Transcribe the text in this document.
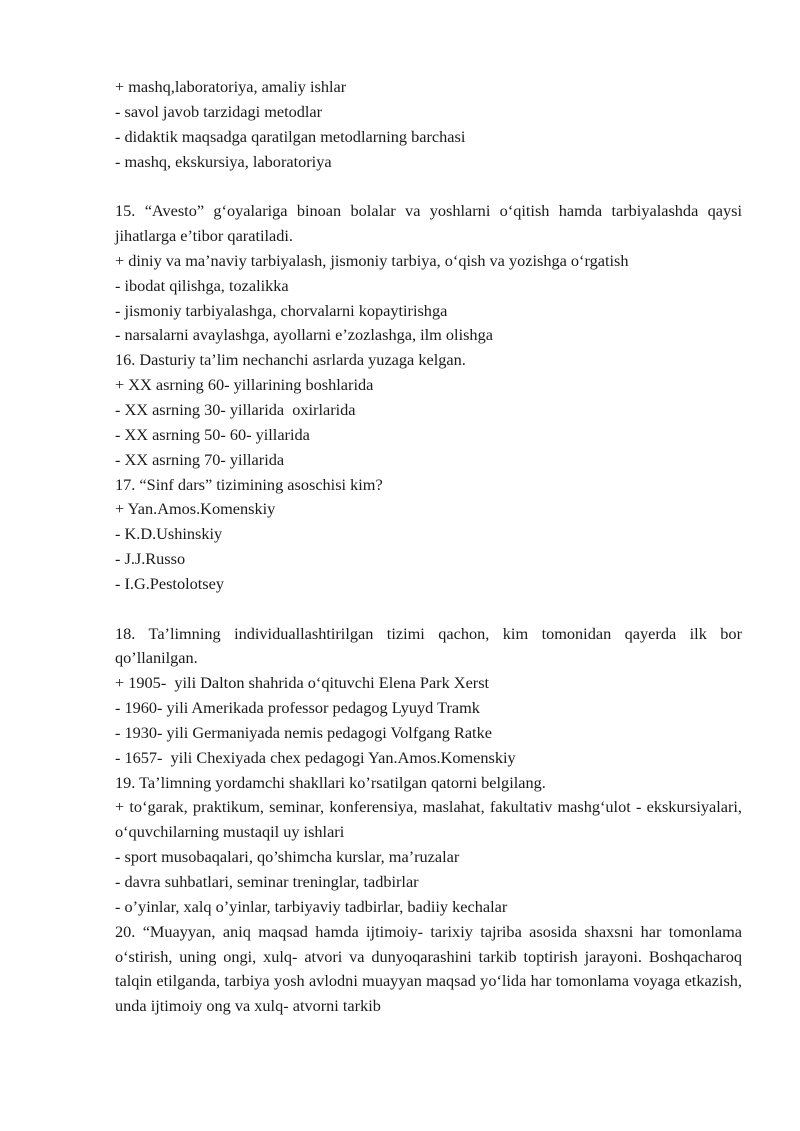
+ mashq,laboratoriya, amaliy ishlar
- savol javob tarzidagi metodlar
- didaktik maqsadga qaratilgan metodlarning barchasi
- mashq, ekskursiya, laboratoriya
15. “Avesto” gʻoyalariga binoan bolalar va yoshlarni oʻqitish hamda tarbiyalashda qaysi jihatlarga e’tibor qaratiladi.
+ diniy va ma’naviy tarbiyalash, jismoniy tarbiya, oʻqish va yozishga oʻrgatish
- ibodat qilishga, tozalikka
- jismoniy tarbiyalashga, chorvalarni kopaytirishga
- narsalarni avaylashga, ayollarni e’zozlashga, ilm olishga
16. Dasturiy ta’lim nechanchi asrlarda yuzaga kelgan.
+ XX asrning 60- yillarining boshlarida
- XX asrning 30- yillarida  oxirlarida
- XX asrning 50- 60- yillarida
- XX asrning 70- yillarida
17. “Sinf dars” tizimining asoschisi kim?
+ Yan.Amos.Komenskiy
- K.D.Ushinskiy
- J.J.Russo
- I.G.Pestolotsey
18. Ta’limning individuallashtirilgan tizimi qachon, kim tomonidan qayerda ilk bor qo’llanilgan.
+ 1905-  yili Dalton shahrida oʻqituvchi Elena Park Xerst
- 1960- yili Amerikada professor pedagog Lyuyd Tramk
- 1930- yili Germaniyada nemis pedagogi Volfgang Ratke
- 1657-  yili Chexiyada chex pedagogi Yan.Amos.Komenskiy
19. Ta’limning yordamchi shakllari ko’rsatilgan qatorni belgilang.
+ toʻgarak, praktikum, seminar, konferensiya, maslahat, fakultativ mashgʻulot - ekskursiyalari, oʻquvchilarning mustaqil uy ishlari
- sport musobaqalari, qo’shimcha kurslar, ma’ruzalar
- davra suhbatlari, seminar treninglar, tadbirlar
- o’yinlar, xalq o’yinlar, tarbiyaviy tadbirlar, badiiy kechalar
20. “Muayyan, aniq maqsad hamda ijtimoiy- tarixiy tajriba asosida shaxsni har tomonlama oʻstirish, uning ongi, xulq- atvori va dunyoqarashini tarkib toptirish jarayoni. Boshqacharoq talqin etilganda, tarbiya yosh avlodni muayyan maqsad yoʻlida har tomonlama voyaga etkazish, unda ijtimoiy ong va xulq- atvorni tarkib
